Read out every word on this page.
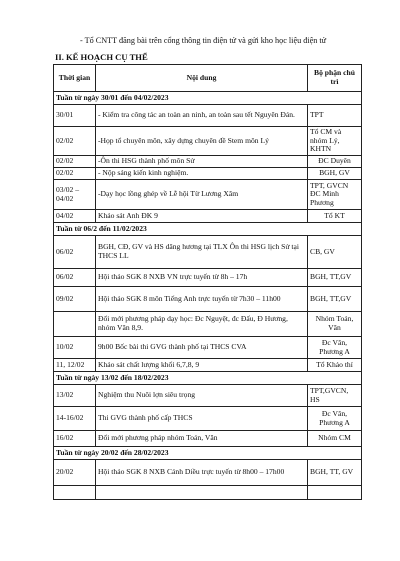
- Tổ CNTT đăng bài trên cổng thông tin điện tử và gửi kho học liệu điện tử
II. KẾ HOẠCH CỤ THỂ
Thời gian	Nội dung	Bộ phận chủ trì
Tuần từ ngày 30/01 đến 04/02/2023		
30/01	- Kiểm tra công tác an toàn an ninh, an toàn sau tết Nguyên Đán.	TPT
02/02	-Họp tổ chuyên môn, xây dựng chuyên đề Stem môn Lý	Tổ CM và nhóm Lý, KHTN
02/02	-Ôn thi HSG thành phố môn Sử	ĐC Duyên
02/02	- Nộp sáng kiến kinh nghiệm.	BGH, GV
03/02 – 04/02	-Dạy học lồng ghép về Lễ hội Từ Lương Xâm	TPT, GVCN ĐC Minh Phương
04/02	Khảo sát Anh ĐK 9	Tổ KT
Tuần từ 06/2 đến 11/02/2023		
06/02	BGH, CĐ, GV và HS dâng hương tại TLX Ôn thi HSG lịch Sử tại THCS LL	CB, GV
06/02	Hội thảo SGK 8 NXB VN trực tuyến từ 8h – 17h	BGH, TT,GV
09/02	Hội thảo SGK 8 môn Tiếng Anh trực tuyến từ 7h30 – 11h00	BGH, TT,GV
	Đổi mới phương pháp dạy học: Đc Nguyệt, đc Đấu, Đ Hương, nhóm Văn 8,9.	Nhóm Toán, Văn
10/02	9h00 Bốc bài thi GVG thành phố tại THCS CVA	Đc Vân, Phương A
11, 12/02	Khảo sát chất lượng khối 6,7,8, 9	Tổ Khảo thí
Tuần từ ngày 13/02 đến 18/02/2023		
13/02	Nghiệm thu Nuôi lợn siêu trọng	TPT,GVCN, HS
14-16/02	Thi GVG thành phố cấp THCS	Đc Vân, Phương A
16/02	Đổi mới phương pháp nhóm Toán, Văn	Nhóm CM
Tuần từ ngày 20/02 đến 28/02/2023		
20/02	Hội thảo SGK 8 NXB Cánh Diều trực tuyến từ 8h00 – 17h00	BGH, TT, GV
